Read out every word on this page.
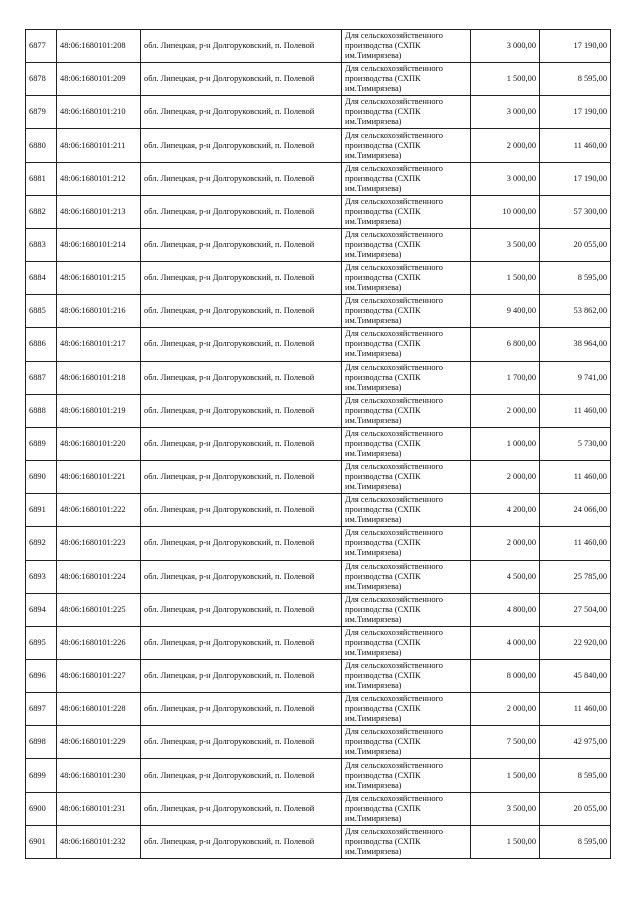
6877	48:06:1680101:208	обл. Липецкая, р-н Долгоруковский, п. Полевой	Для сельскохозяйственного
производства (СХПК
им.Тимирязева)	3 000,00	17 190,00
6878	48:06:1680101:209	обл. Липецкая, р-н Долгоруковский, п. Полевой	Для сельскохозяйственного
производства (СХПК
им.Тимирязева)	1 500,00	8 595,00
6879	48:06:1680101:210	обл. Липецкая, р-н Долгоруковский, п. Полевой	Для сельскохозяйственного
производства (СХПК
им.Тимирязева)	3 000,00	17 190,00
6880	48:06:1680101:211	обл. Липецкая, р-н Долгоруковский, п. Полевой	Для сельскохозяйственного
производства (СХПК
им.Тимирязева)	2 000,00	11 460,00
6881	48:06:1680101:212	обл. Липецкая, р-н Долгоруковский, п. Полевой	Для сельскохозяйственного
производства (СХПК
им.Тимирязева)	3 000,00	17 190,00
6882	48:06:1680101:213	обл. Липецкая, р-н Долгоруковский, п. Полевой	Для сельскохозяйственного
производства (СХПК
им.Тимирязева)	10 000,00	57 300,00
6883	48:06:1680101:214	обл. Липецкая, р-н Долгоруковский, п. Полевой	Для сельскохозяйственного
производства (СХПК
им.Тимирязева)	3 500,00	20 055,00
6884	48:06:1680101:215	обл. Липецкая, р-н Долгоруковский, п. Полевой	Для сельскохозяйственного
производства (СХПК
им.Тимирязева)	1 500,00	8 595,00
6885	48:06:1680101:216	обл. Липецкая, р-н Долгоруковский, п. Полевой	Для сельскохозяйственного
производства (СХПК
им.Тимирязева)	9 400,00	53 862,00
6886	48:06:1680101:217	обл. Липецкая, р-н Долгоруковский, п. Полевой	Для сельскохозяйственного
производства (СХПК
им.Тимирязева)	6 800,00	38 964,00
6887	48:06:1680101:218	обл. Липецкая, р-н Долгоруковский, п. Полевой	Для сельскохозяйственного
производства (СХПК
им.Тимирязева)	1 700,00	9 741,00
6888	48:06:1680101:219	обл. Липецкая, р-н Долгоруковский, п. Полевой	Для сельскохозяйственного
производства (СХПК
им.Тимирязева)	2 000,00	11 460,00
6889	48:06:1680101:220	обл. Липецкая, р-н Долгоруковский, п. Полевой	Для сельскохозяйственного
производства (СХПК
им.Тимирязева)	1 000,00	5 730,00
6890	48:06:1680101:221	обл. Липецкая, р-н Долгоруковский, п. Полевой	Для сельскохозяйственного
производства (СХПК
им.Тимирязева)	2 000,00	11 460,00
6891	48:06:1680101:222	обл. Липецкая, р-н Долгоруковский, п. Полевой	Для сельскохозяйственного
производства (СХПК
им.Тимирязева)	4 200,00	24 066,00
6892	48:06:1680101:223	обл. Липецкая, р-н Долгоруковский, п. Полевой	Для сельскохозяйственного
производства (СХПК
им.Тимирязева)	2 000,00	11 460,00
6893	48:06:1680101:224	обл. Липецкая, р-н Долгоруковский, п. Полевой	Для сельскохозяйственного
производства (СХПК
им.Тимирязева)	4 500,00	25 785,00
6894	48:06:1680101:225	обл. Липецкая, р-н Долгоруковский, п. Полевой	Для сельскохозяйственного
производства (СХПК
им.Тимирязева)	4 800,00	27 504,00
6895	48:06:1680101:226	обл. Липецкая, р-н Долгоруковский, п. Полевой	Для сельскохозяйственного
производства (СХПК
им.Тимирязева)	4 000,00	22 920,00
6896	48:06:1680101:227	обл. Липецкая, р-н Долгоруковский, п. Полевой	Для сельскохозяйственного
производства (СХПК
им.Тимирязева)	8 000,00	45 840,00
6897	48:06:1680101:228	обл. Липецкая, р-н Долгоруковский, п. Полевой	Для сельскохозяйственного
производства (СХПК
им.Тимирязева)	2 000,00	11 460,00
6898	48:06:1680101:229	обл. Липецкая, р-н Долгоруковский, п. Полевой	Для сельскохозяйственного
производства (СХПК
им.Тимирязева)	7 500,00	42 975,00
6899	48:06:1680101:230	обл. Липецкая, р-н Долгоруковский, п. Полевой	Для сельскохозяйственного
производства (СХПК
им.Тимирязева)	1 500,00	8 595,00
6900	48:06:1680101:231	обл. Липецкая, р-н Долгоруковский, п. Полевой	Для сельскохозяйственного
производства (СХПК
им.Тимирязева)	3 500,00	20 055,00
6901	48:06:1680101:232	обл. Липецкая, р-н Долгоруковский, п. Полевой	Для сельскохозяйственного
производства (СХПК
им.Тимирязева)	1 500,00	8 595,00
